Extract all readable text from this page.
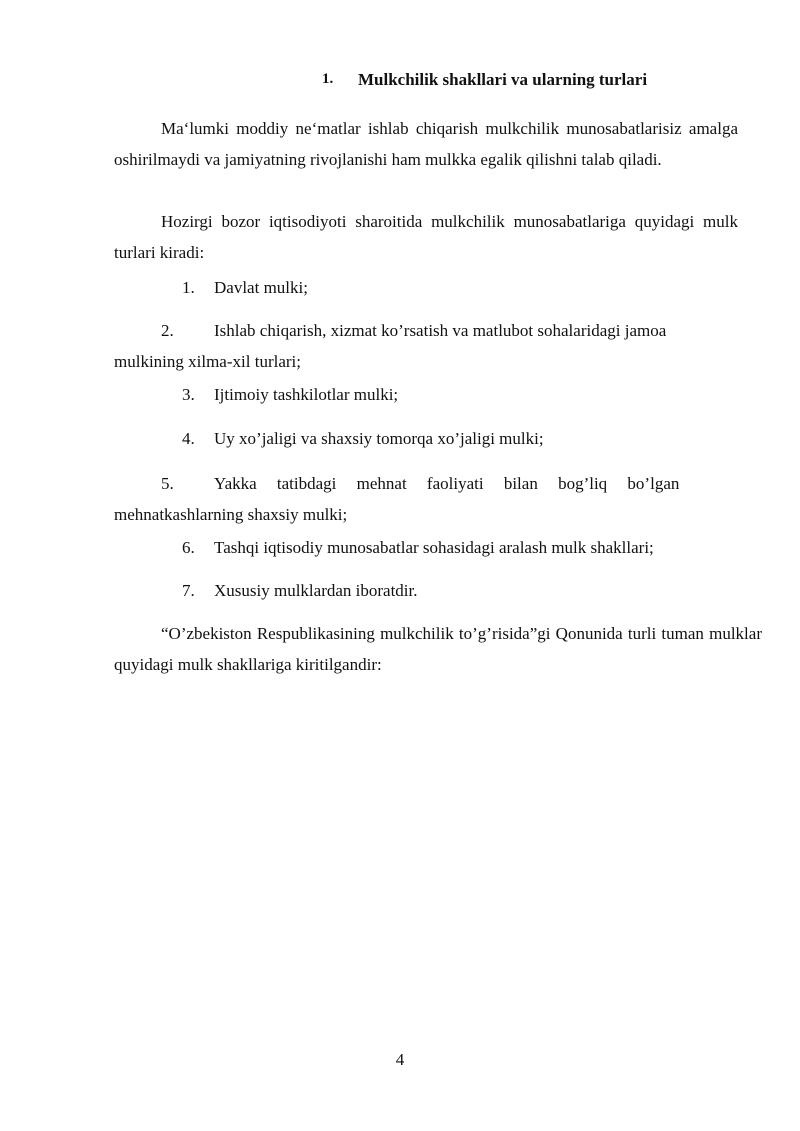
1. Mulkchilik shakllari va ularning turlari

Ma‘lumki moddiy ne‘matlar ishlab chiqarish mulkchilik munosabatlarisiz amalga oshirilmaydi va jamiyatning rivojlanishi ham mulkka egalik qilishni talab qiladi.

Hozirgi bozor iqtisodiyoti sharoitida mulkchilik munosabatlariga quyidagi mulk turlari kiradi:

1. Davlat mulki;
2. Ishlab chiqarish, xizmat ko’rsatish va matlubot sohalaridagi jamoa
mulkining xilma-xil turlari;
3. Ijtimoiy tashkilotlar mulki;
4. Uy xo’jaligi va shaxsiy tomorqa xo’jaligi mulki;
5. Yakka tatibdagi mehnat faoliyati bilan bog’liq bo’lgan
mehnatkashlarning shaxsiy mulki;
6. Tashqi iqtisodiy munosabatlar sohasidagi aralash mulk shakllari;
7. Xususiy mulklardan iboratdir.

“O’zbekiston Respublikasining mulkchilik to’g’risida”gi Qonunida turli tuman mulklar quyidagi mulk shakllariga kiritilgandir:

4
